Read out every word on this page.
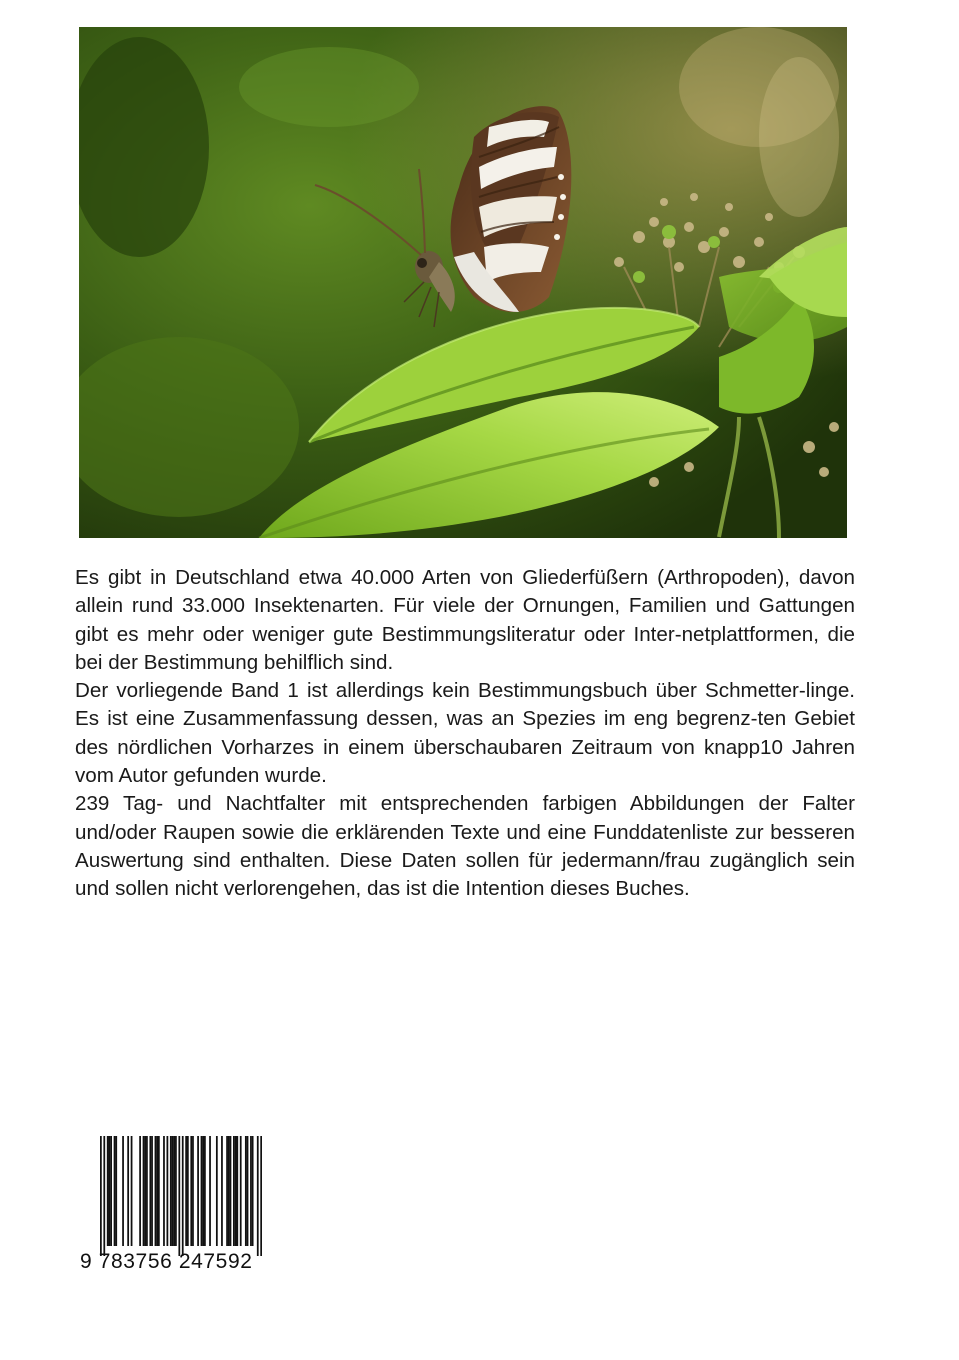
Es gibt in Deutschland etwa 40.000 Arten von Gliederfüßern (Arthropoden), davon allein rund 33.000 Insektenarten. Für viele der Ornungen, Familien und Gattungen gibt es mehr oder weniger gute Bestimmungsliteratur oder Inter-netplattformen, die bei der Bestimmung behilflich sind.

Der vorliegende Band 1 ist allerdings kein Bestimmungsbuch über Schmetter-linge. Es ist eine Zusammenfassung dessen, was an Spezies im eng begrenz-ten Gebiet des nördlichen Vorharzes in einem überschaubaren Zeitraum von knapp10 Jahren vom Autor gefunden wurde.

239 Tag- und Nachtfalter mit entsprechenden farbigen Abbildungen der Falter und/oder Raupen sowie die erklärenden Texte und eine Funddatenliste zur besseren Auswertung sind enthalten. Diese Daten sollen für jedermann/frau zugänglich sein und sollen nicht verlorengehen, das ist die Intention dieses Buches.

9 783756 247592
